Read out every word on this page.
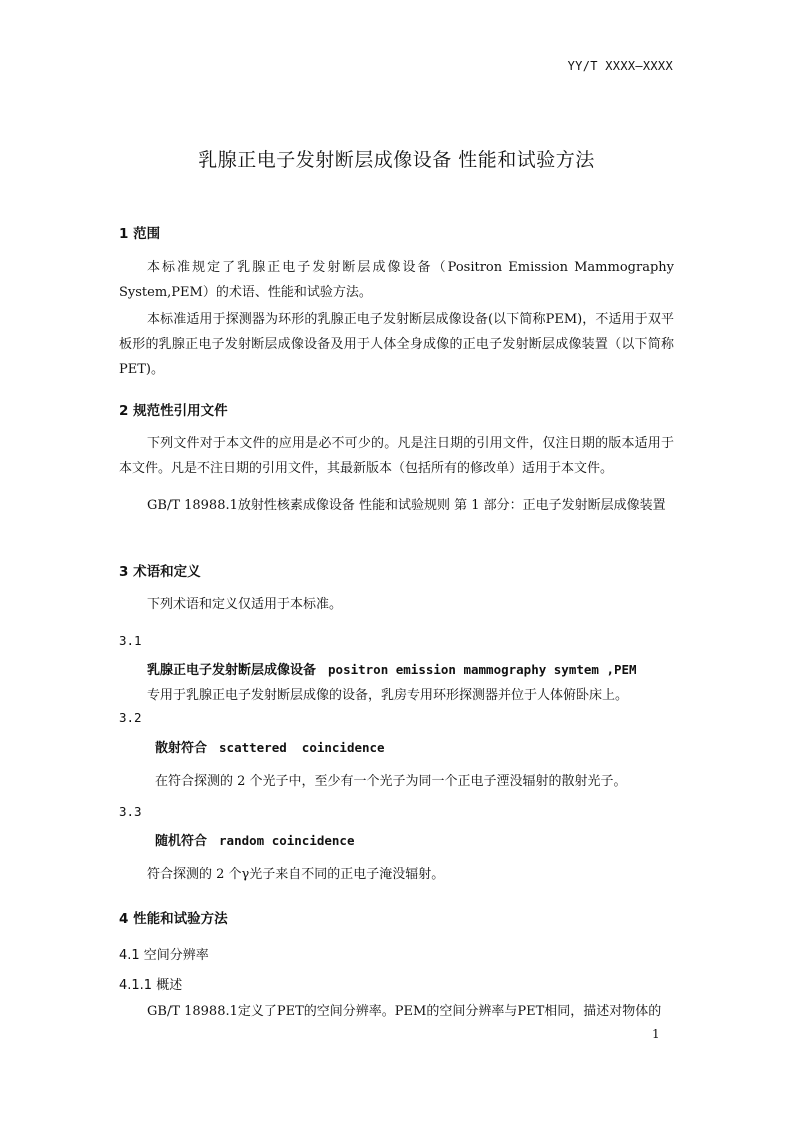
YY/T XXXX—XXXX
乳腺正电子发射断层成像设备 性能和试验方法
1 范围
本标准规定了乳腺正电子发射断层成像设备（Positron Emission Mammography System,PEM）的术语、性能和试验方法。
本标准适用于探测器为环形的乳腺正电子发射断层成像设备(以下简称PEM)，不适用于双平板形的乳腺正电子发射断层成像设备及用于人体全身成像的正电子发射断层成像装置（以下简称 PET)。
2 规范性引用文件
下列文件对于本文件的应用是必不可少的。凡是注日期的引用文件，仅注日期的版本适用于本文件。凡是不注日期的引用文件，其最新版本（包括所有的修改单）适用于本文件。
GB/T 18988.1放射性核素成像设备 性能和试验规则 第 1 部分：正电子发射断层成像装置
3 术语和定义
下列术语和定义仅适用于本标准。
3.1
乳腺正电子发射断层成像设备 positron emission mammography symtem ,PEM
专用于乳腺正电子发射断层成像的设备，乳房专用环形探测器并位于人体俯卧床上。
3.2
散射符合 scattered  coincidence
在符合探测的 2 个光子中，至少有一个光子为同一个正电子湮没辐射的散射光子。
3.3
随机符合 random coincidence
符合探测的 2 个γ光子来自不同的正电子淹没辐射。
4 性能和试验方法
4.1 空间分辨率
4.1.1 概述
GB/T 18988.1定义了PET的空间分辨率。PEM的空间分辨率与PET相同，描述对物体的
1
